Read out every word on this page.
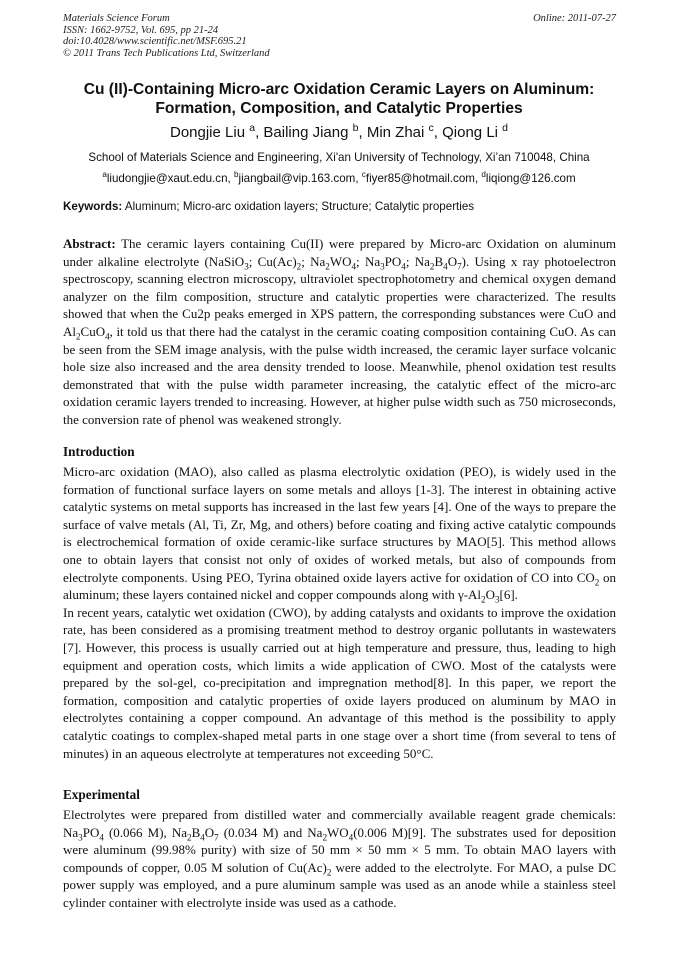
Materials Science Forum
ISSN: 1662-9752, Vol. 695, pp 21-24
doi:10.4028/www.scientific.net/MSF.695.21
© 2011 Trans Tech Publications Ltd, Switzerland
Online: 2011-07-27
Cu (II)-Containing Micro-arc Oxidation Ceramic Layers on Aluminum:
Formation, Composition, and Catalytic Properties
Dongjie Liu $^a$, Bailing Jiang $^b$, Min Zhai $^c$, Qiong Li $^d$
School of Materials Science and Engineering, Xi'an University of Technology, Xi’an 710048, China
$^a$liudongjie@xaut.edu.cn, $^b$jiangbail@vip.163.com, $^c$fiyer85@hotmail.com, $^d$liqiong@126.com
Keywords: Aluminum; Micro-arc oxidation layers; Structure; Catalytic properties

Abstract: The ceramic layers containing Cu(II) were prepared by Micro-arc Oxidation on aluminum under alkaline electrolyte (NaSiO$_3$; $Cu(Ac)_2$; $Na_2WO_4$; $Na_3PO_4$; $Na_2B_4O_7$). Using x ray photoelectron spectroscopy, scanning electron microscopy, ultraviolet spectrophotometry and chemical oxygen demand analyzer on the film composition, structure and catalytic properties were characterized. The results showed that when the Cu2p peaks emerged in XPS pattern, the corresponding substances were CuO and $Al_2CuO_4$, it told us that there had the catalyst in the ceramic coating composition containing CuO. As can be seen from the SEM image analysis, with the pulse width increased, the ceramic layer surface volcanic hole size also increased and the area density trended to loose. Meanwhile, phenol oxidation test results demonstrated that with the pulse width parameter increasing, the catalytic effect of the micro-arc oxidation ceramic layers trended to increasing. However, at higher pulse width such as 750 microseconds, the conversion rate of phenol was weakened strongly.

Introduction

Micro-arc oxidation (MAO), also called as plasma electrolytic oxidation (PEO), is widely used in the formation of functional surface layers on some metals and alloys [1-3]. The interest in obtaining active catalytic systems on metal supports has increased in the last few years [4]. One of the ways to prepare the surface of valve metals (Al, Ti, Zr, Mg, and others) before coating and fixing active catalytic compounds is electrochemical formation of oxide ceramic-like surface structures by MAO[5]. This method allows one to obtain layers that consist not only of oxides of worked metals, but also of compounds from electrolyte components. Using PEO, Tyrina obtained oxide layers active for oxidation of CO into $CO_2$ on aluminum; these layers contained nickel and copper compounds along with $\gamma-Al_2O_3[6]$.

In recent years, catalytic wet oxidation (CWO), by adding catalysts and oxidants to improve the oxidation rate, has been considered as a promising treatment method to destroy organic pollutants in wastewaters [7]. However, this process is usually carried out at high temperature and pressure, thus, leading to high equipment and operation costs, which limits a wide application of CWO. Most of the catalysts were prepared by the sol-gel, co-precipitation and impregnation method[8]. In this paper, we report the formation, composition and catalytic properties of oxide layers produced on aluminum by MAO in electrolytes containing a copper compound. An advantage of this method is the possibility to apply catalytic coatings to complex-shaped metal parts in one stage over a short time (from several to tens of minutes) in an aqueous electrolyte at temperatures not exceeding 50°C.

Experimental

Electrolytes were prepared from distilled water and commercially available reagent grade chemicals: $Na_3PO_4$ (0.066 M), $Na_2B_4O_7$ (0.034 M) and $Na_2WO_4(0.006$ M)[9]. The substrates used for deposition were aluminum (99.98% purity) with size of 50 mm × 50 mm × 5 mm. To obtain MAO layers with compounds of copper, 0.05 M solution of $Cu(Ac)_2$ were added to the electrolyte. For MAO, a pulse DC power supply was employed, and a pure aluminum sample was used as an anode while a stainless steel cylinder container with electrolyte inside was used as a cathode.
